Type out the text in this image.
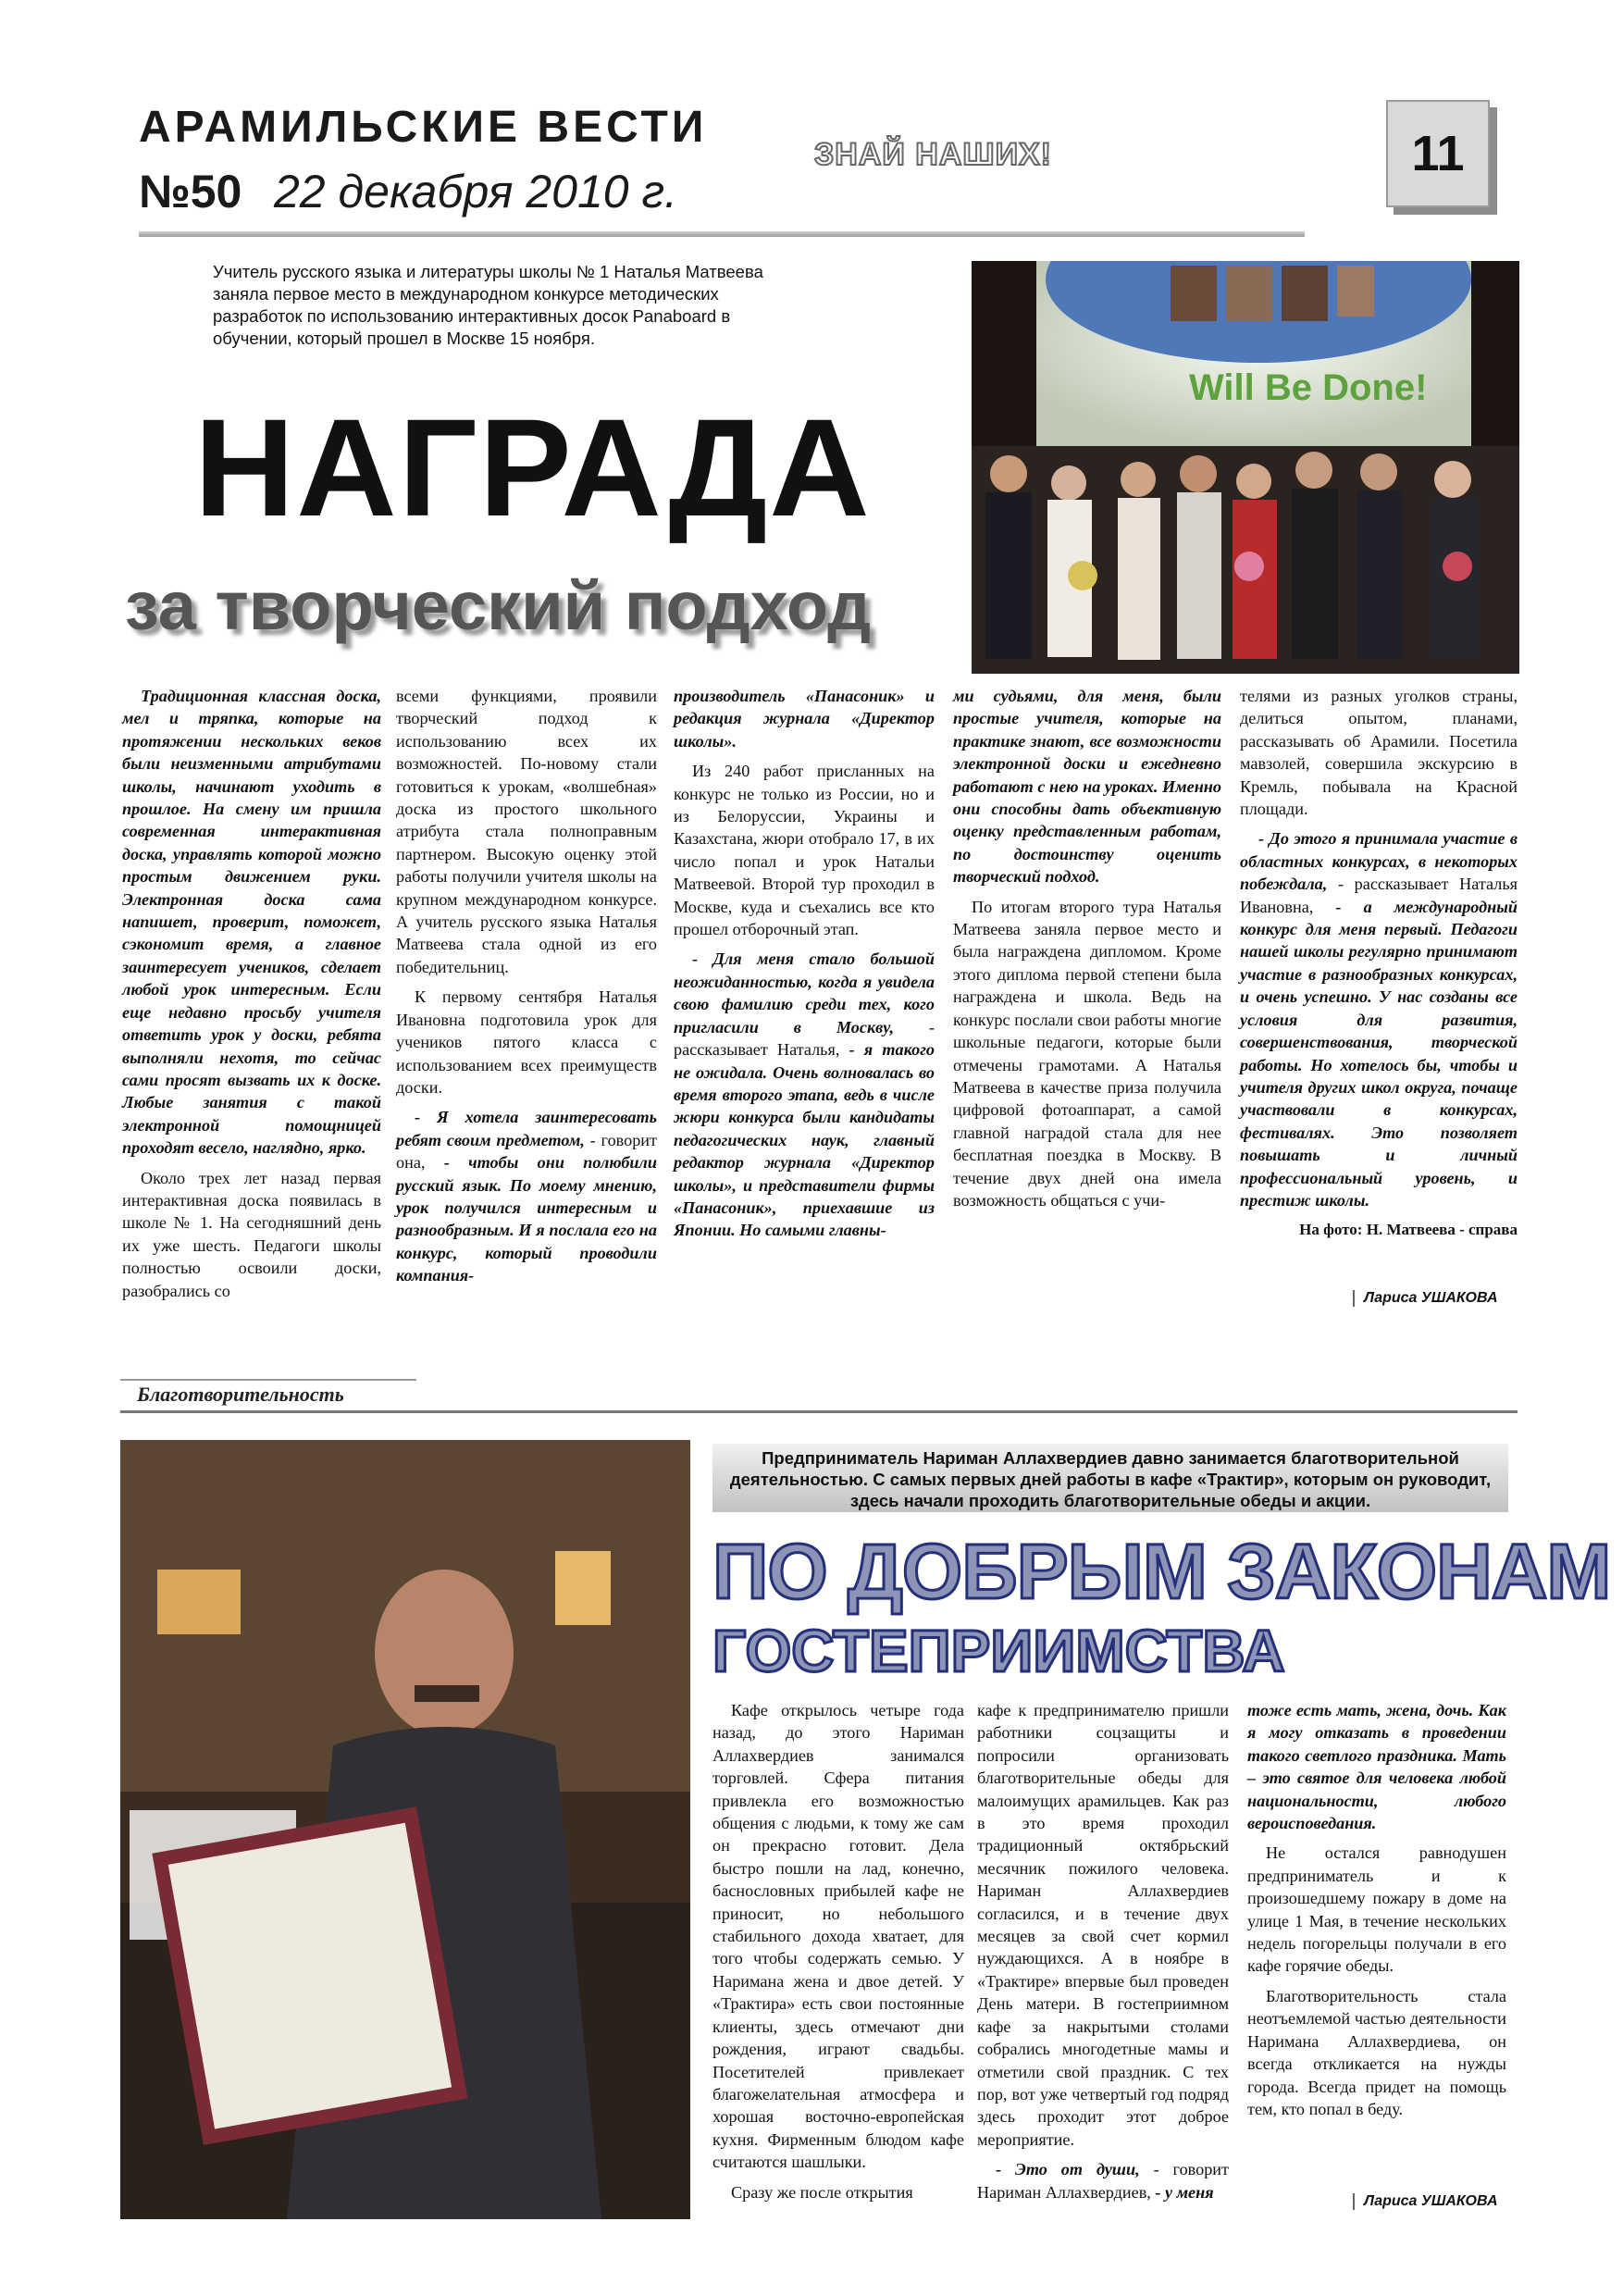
АРАМИЛЬСКИЕ ВЕСТИ
№50 22 декабря 2010 г.
ЗНАЙ НАШИХ!	11
Учитель русского языка и литературы школы № 1 Наталья Матвеева заняла первое место в международном конкурсе методических разработок по использованию интерактивных досок Panaboard в обучении, который прошел в Москве 15 ноября.
Will Be Done!
НАГРАДА
за творческий подход

Традиционная классная доска, мел и тряпка, которые на протяжении нескольких веков были неизменными атрибутами школы, начинают уходить в прошлое. На смену им пришла современная интерактивная доска, управлять которой можно простым движением руки. Электронная доска сама напишет, проверит, поможет, сэкономит время, а главное заинтересует учеников, сделает любой урок интересным. Если еще недавно просьбу учителя ответить урок у доски, ребята выполняли нехотя, то сейчас сами просят вызвать их к доске. Любые занятия с такой электронной помощницей проходят весело, наглядно, ярко.

Около трех лет назад первая интерактивная доска появилась в школе № 1. На сегодняшний день их уже шесть. Педагоги школы полностью освоили доски, разобрались со

всеми функциями, проявили творческий подход к использованию всех их возможностей. По-новому стали готовиться к урокам, «волшебная» доска из простого школьного атрибута стала полноправным партнером. Высокую оценку этой работы получили учителя школы на крупном международном конкурсе. А учитель русского языка Наталья Матвеева стала одной из его победительниц.

К первому сентября Наталья Ивановна подготовила урок для учеников пятого класса с использованием всех преимуществ доски.

- Я хотела заинтересовать ребят своим предметом, - говорит она, - чтобы они полюбили русский язык. По моему мнению, урок получился интересным и разнообразным. И я послала его на конкурс, который проводили компания-

производитель «Панасоник» и редакция журнала «Директор школы».

Из 240 работ присланных на конкурс не только из России, но и из Белоруссии, Украины и Казахстана, жюри отобрало 17, в их число попал и урок Натальи Матвеевой. Второй тур проходил в Москве, куда и съехались все кто прошел отборочный этап.

- Для меня стало большой неожиданностью, когда я увидела свою фамилию среди тех, кого пригласили в Москву, - рассказывает Наталья, - я такого не ожидала. Очень волновалась во время второго этапа, ведь в числе жюри конкурса были кандидаты педагогических наук, главный редактор журнала «Директор школы», и представители фирмы «Панасоник», приехавшие из Японии. Но самыми главны-

ми судьями, для меня, были простые учителя, которые на практике знают, все возможности электронной доски и ежедневно работают с нею на уроках. Именно они способны дать объективную оценку представленным работам, по достоинству оценить творческий подход.

По итогам второго тура Наталья Матвеева заняла первое место и была награждена дипломом. Кроме этого диплома первой степени была награждена и школа. Ведь на конкурс послали свои работы многие школьные педагоги, которые были отмечены грамотами. А Наталья Матвеева в качестве приза получила цифровой фотоаппарат, а самой главной наградой стала для нее бесплатная поездка в Москву. В течение двух дней она имела возможность общаться с учи-

телями из разных уголков страны, делиться опытом, планами, рассказывать об Арамили. Посетила мавзолей, совершила экскурсию в Кремль, побывала на Красной площади.

- До этого я принимала участие в областных конкурсах, в некоторых побеждала, - рассказывает Наталья Ивановна, - а международный конкурс для меня первый. Педагоги нашей школы регулярно принимают участие в разнообразных конкурсах, и очень успешно. У нас созданы все условия для развития, совершенствования, творческой работы. Но хотелось бы, чтобы и учителя других школ округа, почаще участвовали в конкурсах, фестивалях. Это позволяет повышать и личный профессиональный уровень, и престиж школы.

На фото: Н. Матвеева - справа
Лариса УШАКОВА
Благотворительность
Предприниматель Нариман Аллахвердиев давно занимается благотворительной деятельностью. С самых первых дней работы в кафе «Трактир», которым он руководит, здесь начали проходить благотворительные обеды и акции.
ПО ДОБРЫМ ЗАКОНАМ
ГОСТЕПРИИМСТВА

Кафе открылось четыре года назад, до этого Нариман Аллахвердиев занимался торговлей. Сфера питания привлекла его возможностью общения с людьми, к тому же сам он прекрасно готовит. Дела быстро пошли на лад, конечно, баснословных прибылей кафе не приносит, но небольшого стабильного дохода хватает, для того чтобы содержать семью. У Наримана жена и двое детей. У «Трактира» есть свои постоянные клиенты, здесь отмечают дни рождения, играют свадьбы. Посетителей привлекает благожелательная атмосфера и хорошая восточно-европейская кухня. Фирменным блюдом кафе считаются шашлыки.

Сразу же после открытия

кафе к предпринимателю пришли работники соцзащиты и попросили организовать благотворительные обеды для малоимущих арамильцев. Как раз в это время проходил традиционный октябрьский месячник пожилого человека. Нариман Аллахвердиев согласился, и в течение двух месяцев за свой счет кормил нуждающихся. А в ноябре в «Трактире» впервые был проведен День матери. В гостеприимном кафе за накрытыми столами собрались многодетные мамы и отметили свой праздник. С тех пор, вот уже четвертый год подряд здесь проходит этот доброе мероприятие.

- Это от души, - говорит Нариман Аллахвердиев, - у меня

тоже есть мать, жена, дочь. Как я могу отказать в проведении такого светлого праздника. Мать – это святое для человека любой национальности, любого вероисповедания.

Не остался равнодушен предприниматель и к произошедшему пожару в доме на улице 1 Мая, в течение нескольких недель погорельцы получали в его кафе горячие обеды.

Благотворительность стала неотъемлемой частью деятельности Наримана Аллахвердиева, он всегда откликается на нужды города. Всегда придет на помощь тем, кто попал в беду.

Лариса УШАКОВА
